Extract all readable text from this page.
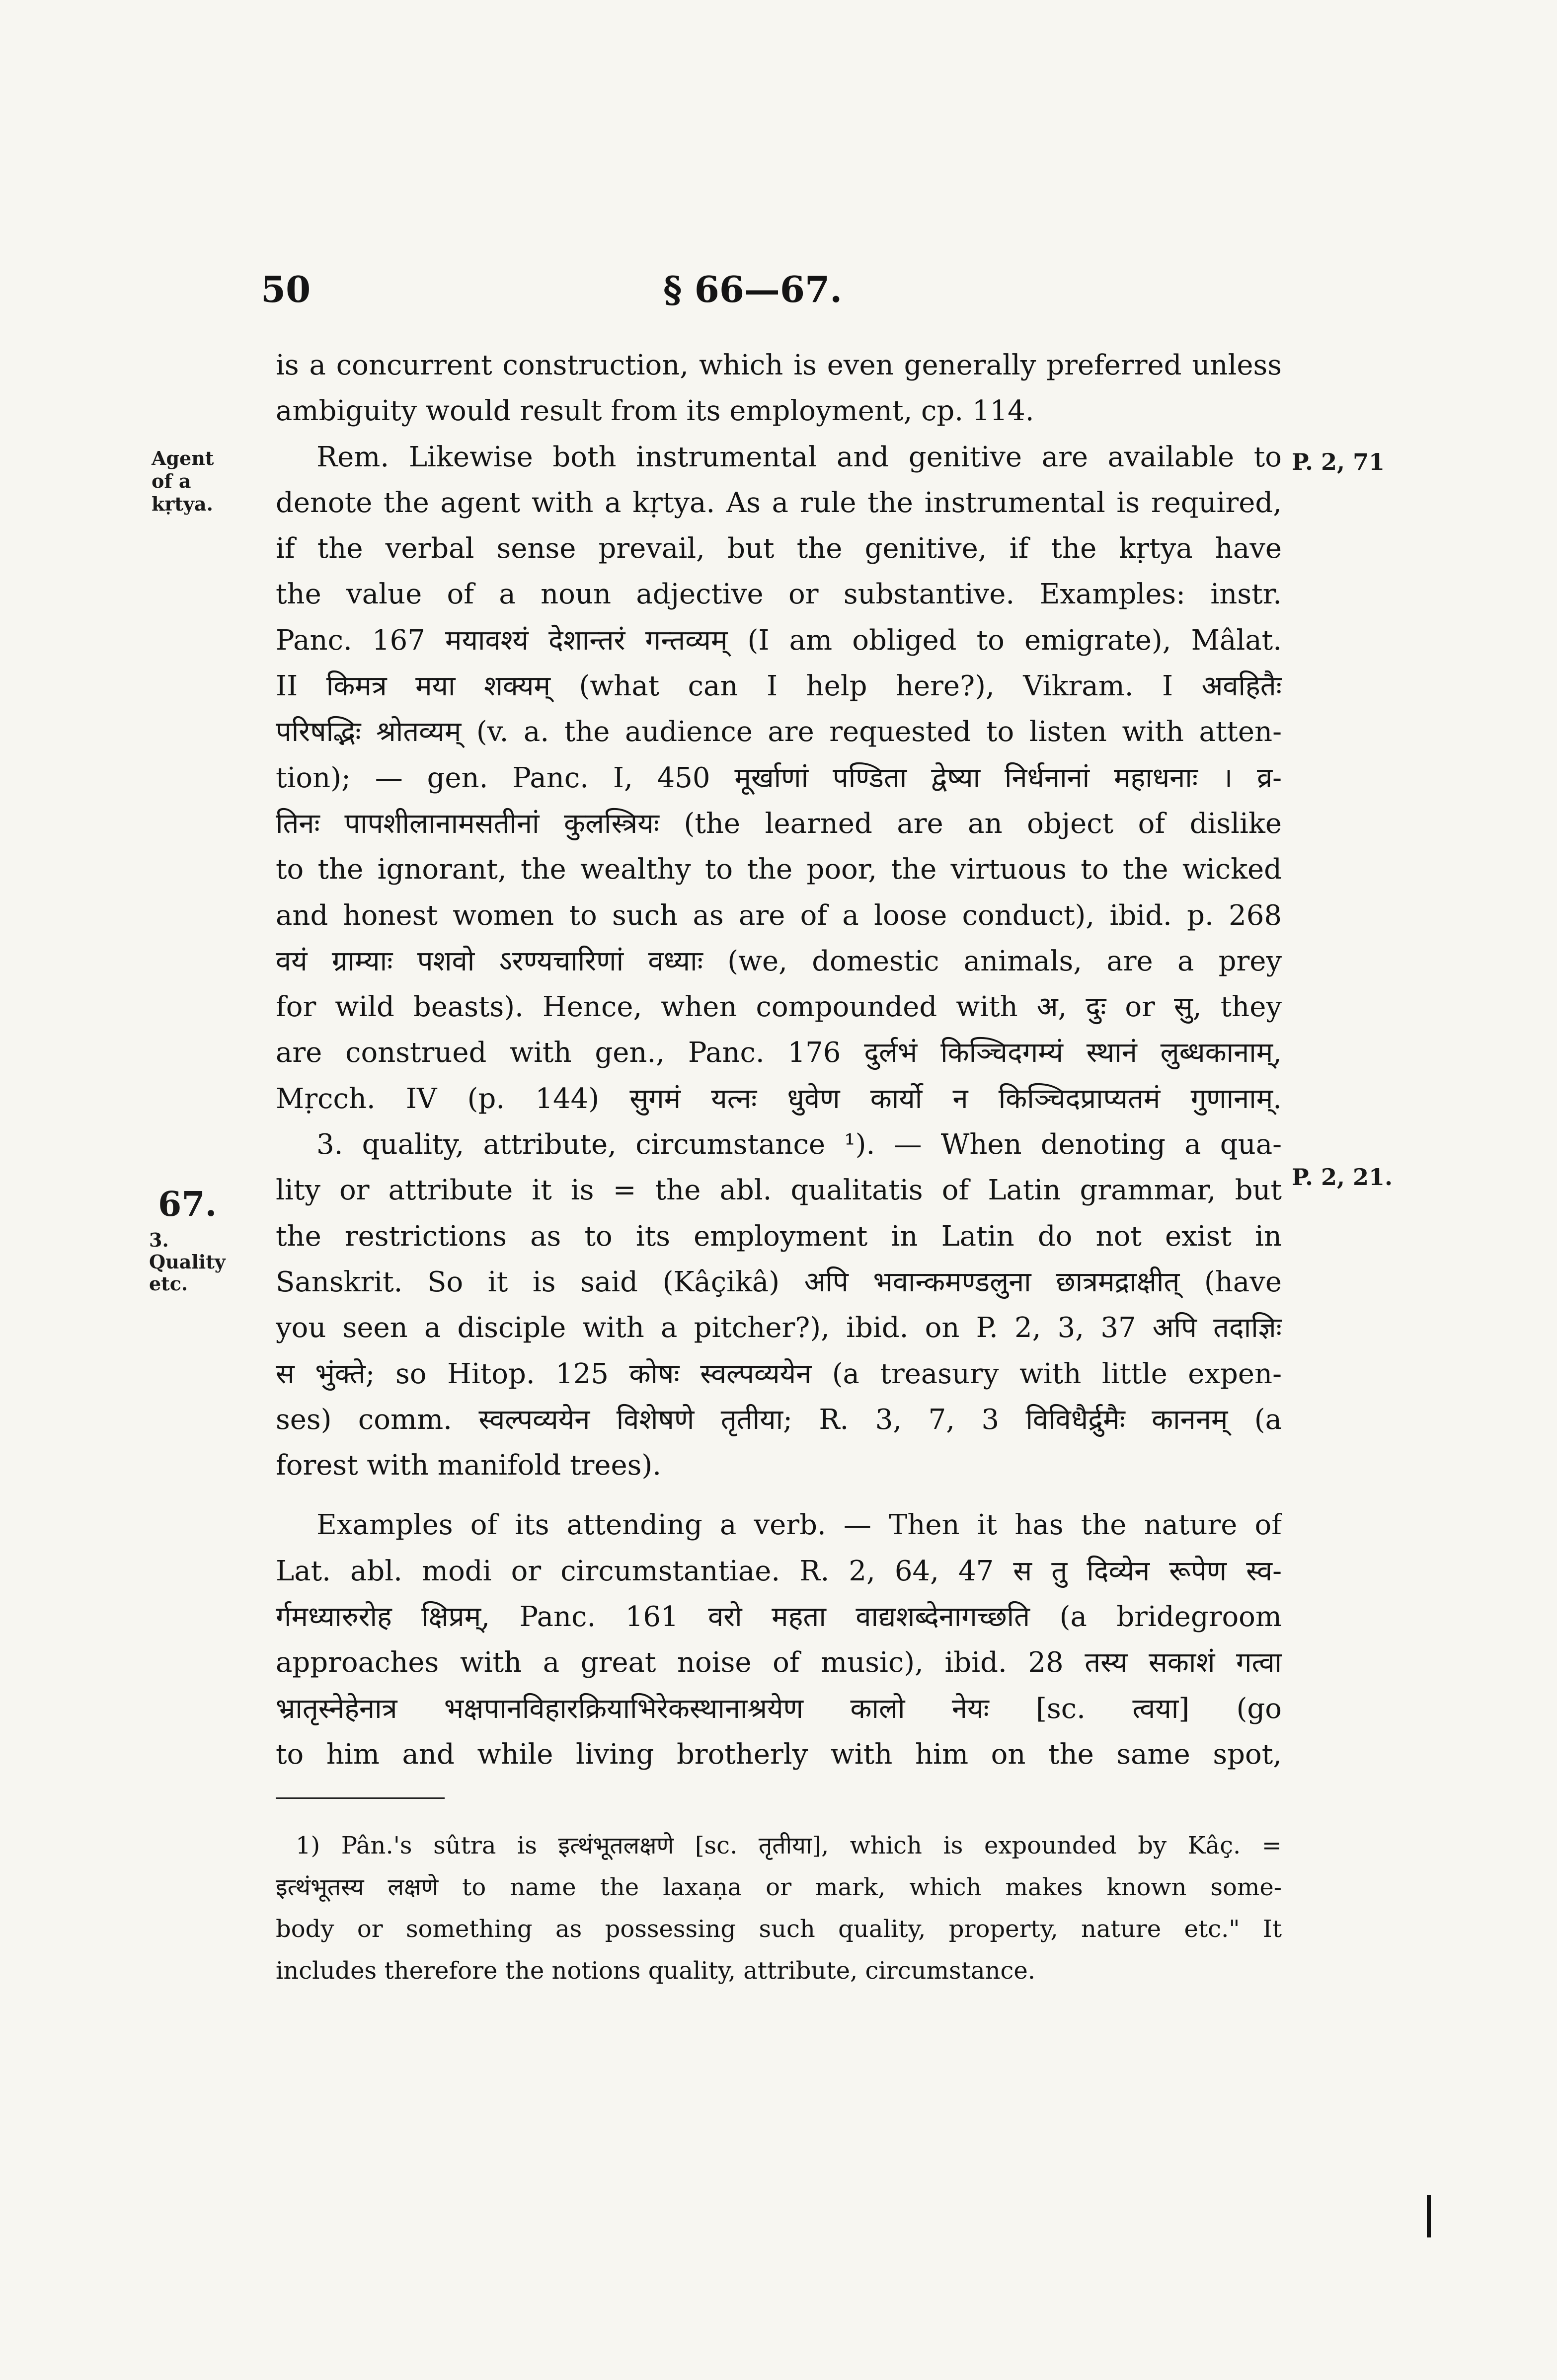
50	§ 66—67.
Agent of a kṛtya.
67.
3. Quality etc.
P. 2, 71
P. 2, 21.
is a concurrent construction, which is even generally preferred unless
ambiguity would result from its employment, cp. 114.
Rem. Likewise both instrumental and genitive are available to
denote the agent with a kṛtya. As a rule the instrumental is required,
if the verbal sense prevail, but the genitive, if the kṛtya have
the value of a noun adjective or substantive. Examples: instr.
Panc. 167 मयावश्यं देशान्तरं गन्तव्यम् (I am obliged to emigrate), Mâlat.
II किमत्र मया शक्यम् (what can I help here?), Vikram. I अवहितैः
परिषद्भिः श्रोतव्यम् (v. a. the audience are requested to listen with atten-
tion); — gen. Panc. I, 450 मूर्खाणां पण्डिता द्वेष्या निर्धनानां महाधनाः । व्र-
तिनः पापशीलानामसतीनां कुलस्त्रियः (the learned are an object of dislike
to the ignorant, the wealthy to the poor, the virtuous to the wicked
and honest women to such as are of a loose conduct), ibid. p. 268
वयं ग्राम्याः पशवो ऽरण्यचारिणां वध्याः (we, domestic animals, are a prey
for wild beasts). Hence, when compounded with अ, दुः or सु, they
are construed with gen., Panc. 176 दुर्लभं किञ्चिदगम्यं स्थानं लुब्धकानाम्,
Mṛcch. IV (p. 144) सुगमं यत्नः धुवेण कार्यो न किञ्चिदप्राप्यतमं गुणानाम्.
3. quality, attribute, circumstance ¹). — When denoting a qua-
lity or attribute it is = the abl. qualitatis of Latin grammar, but
the restrictions as to its employment in Latin do not exist in
Sanskrit. So it is said (Kâçikâ) अपि भवान्कमण्डलुना छात्रमद्राक्षीत् (have
you seen a disciple with a pitcher?), ibid. on P. 2, 3, 37 अपि तदाज्ञिः
स भुंक्ते; so Hitop. 125 कोषः स्वल्पव्ययेन (a treasury with little expen-
ses) comm. स्वल्पव्ययेन विशेषणे तृतीया; R. 3, 7, 3 विविधैर्द्रुमैः काननम् (a
forest with manifold trees).
Examples of its attending a verb. — Then it has the nature of
Lat. abl. modi or circumstantiae. R. 2, 64, 47 स तु दिव्येन रूपेण स्व-
र्गमध्यारुरोह क्षिप्रम्, Panc. 161 वरो महता वाद्यशब्देनागच्छति (a bridegroom
approaches with a great noise of music), ibid. 28 तस्य सकाशं गत्वा
भ्रातृस्नेहेनात्र भक्षपानविहारक्रियाभिरेकस्थानाश्रयेण कालो नेयः [sc. त्वया] (go
to him and while living brotherly with him on the same spot,
1) Pân.'s sûtra is इत्थंभूतलक्षणे [sc. तृतीया], which is expounded by Kâç. =
इत्थंभूतस्य लक्षणे to name the laxaṇa or mark, which makes known some-
body or something as possessing such quality, property, nature etc." It
includes therefore the notions quality, attribute, circumstance.
